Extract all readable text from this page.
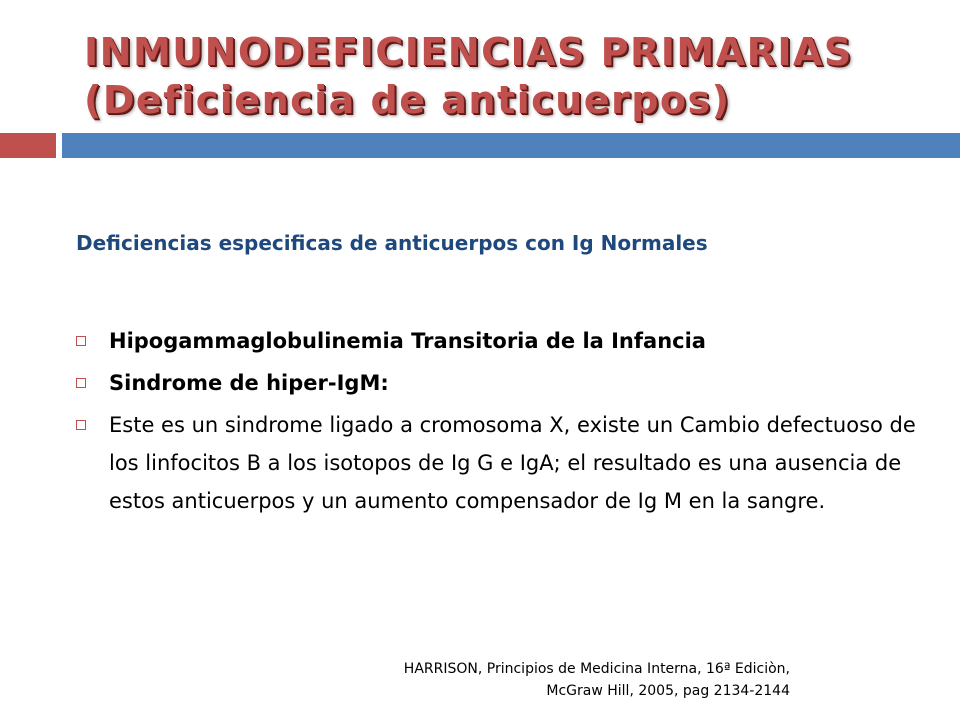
INMUNODEFICIENCIAS PRIMARIAS
(Deficiencia de anticuerpos)
Deficiencias especificas de anticuerpos con Ig Normales
Hipogammaglobulinemia Transitoria de la Infancia
Sindrome de hiper-IgM:
Este es un sindrome ligado a cromosoma X, existe un Cambio defectuoso de los linfocitos B a los isotopos de Ig G e IgA; el resultado es una ausencia de estos anticuerpos y un aumento compensador de Ig M en la sangre.
HARRISON, Principios de Medicina Interna, 16ª Ediciòn,
McGraw Hill, 2005, pag 2134-2144
